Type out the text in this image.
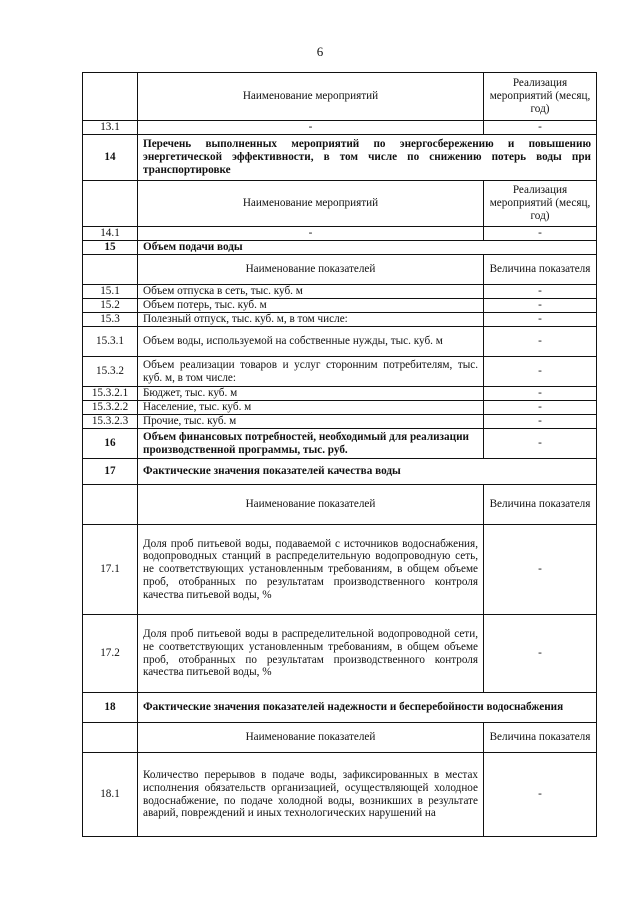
6
	Наименование мероприятий	Реализация мероприятий (месяц, год)
13.1	-	-
14	Перечень выполненных мероприятий по энергосбережению и повышению энергетической эффективности, в том числе по снижению потерь воды при транспортировке	
	Наименование мероприятий	Реализация мероприятий (месяц, год)
14.1	-	-
15	Объем подачи воды	
	Наименование показателей	Величина показателя
15.1	Объем отпуска в сеть, тыс. куб. м	-
15.2	Объем потерь, тыс. куб. м	-
15.3	Полезный отпуск, тыс. куб. м, в том числе:	-
15.3.1	Объем воды, используемой на собственные нужды, тыс. куб. м	-
15.3.2	Объем реализации товаров и услуг сторонним потребителям, тыс. куб. м, в том числе:	-
15.3.2.1	Бюджет, тыс. куб. м	-
15.3.2.2	Население, тыс. куб. м	-
15.3.2.3	Прочие, тыс. куб. м	-
16	Объем финансовых потребностей, необходимый для реализации производственной программы, тыс. руб.	-
17	Фактические значения показателей качества воды	
	Наименование показателей	Величина показателя
17.1	Доля проб питьевой воды, подаваемой с источников водоснабжения, водопроводных станций в распределительную водопроводную сеть, не соответствующих установленным требованиям, в общем объеме проб, отобранных по результатам производственного контроля качества питьевой воды, %	-
17.2	Доля проб питьевой воды в распределительной водопроводной сети, не соответствующих установленным требованиям, в общем объеме проб, отобранных по результатам производственного контроля качества питьевой воды, %	-
18	Фактические значения показателей надежности и бесперебойности водоснабжения	
	Наименование показателей	Величина показателя
18.1	Количество перерывов в подаче воды, зафиксированных в местах исполнения обязательств организацией, осуществляющей холодное водоснабжение, по подаче холодной воды, возникших в результате аварий, повреждений и иных технологических нарушений на	-
